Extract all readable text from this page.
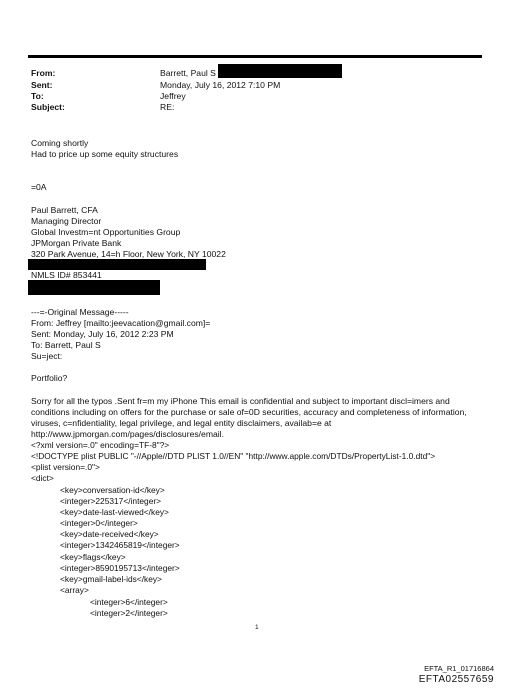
From:	Barrett, Paul S
Sent:	Monday, July 16, 2012 7:10 PM
To:	Jeffrey
Subject:	RE:
Coming shortly
Had to price up some equity structures
=0A
Paul Barrett, CFA
Managing Director
Global Investm=nt Opportunities Group
JPMorgan Private Bank
320 Park Avenue, 14=h Floor, New York, NY 10022
NMLS ID# 853441
---=-Original Message-----
From: Jeffrey [mailto:jeevacation@gmail.com]=
Sent: Monday, July 16, 2012 2:23 PM
To: Barrett, Paul S
Su=ject:
Portfolio?
Sorry for all the typos .Sent fr=m my iPhone This email is confidential and subject to important discl=imers and
conditions including on offers for the purchase or sale of=0D securities, accuracy and completeness of information,
viruses, c=nfidentiality, legal privilege, and legal entity disclaimers, availab=e at
http://www.jpmorgan.com/pages/disclosures/email.
<?xml version=.0" encoding=TF-8"?>
<!DOCTYPE plist PUBLIC "-//Apple//DTD PLIST 1.0//EN" "http://www.apple.com/DTDs/PropertyList-1.0.dtd">
<plist version=.0">
<dict>
<key>conversation-id</key>
<integer>225317</integer>
<key>date-last-viewed</key>
<integer>0</integer>
<key>date-received</key>
<integer>1342465819</integer>
<key>flags</key>
<integer>8590195713</integer>
<key>gmail-label-ids</key>
<array>
<integer>6</integer>
<integer>2</integer>
1
EFTA_R1_01716864
EFTA02557659
